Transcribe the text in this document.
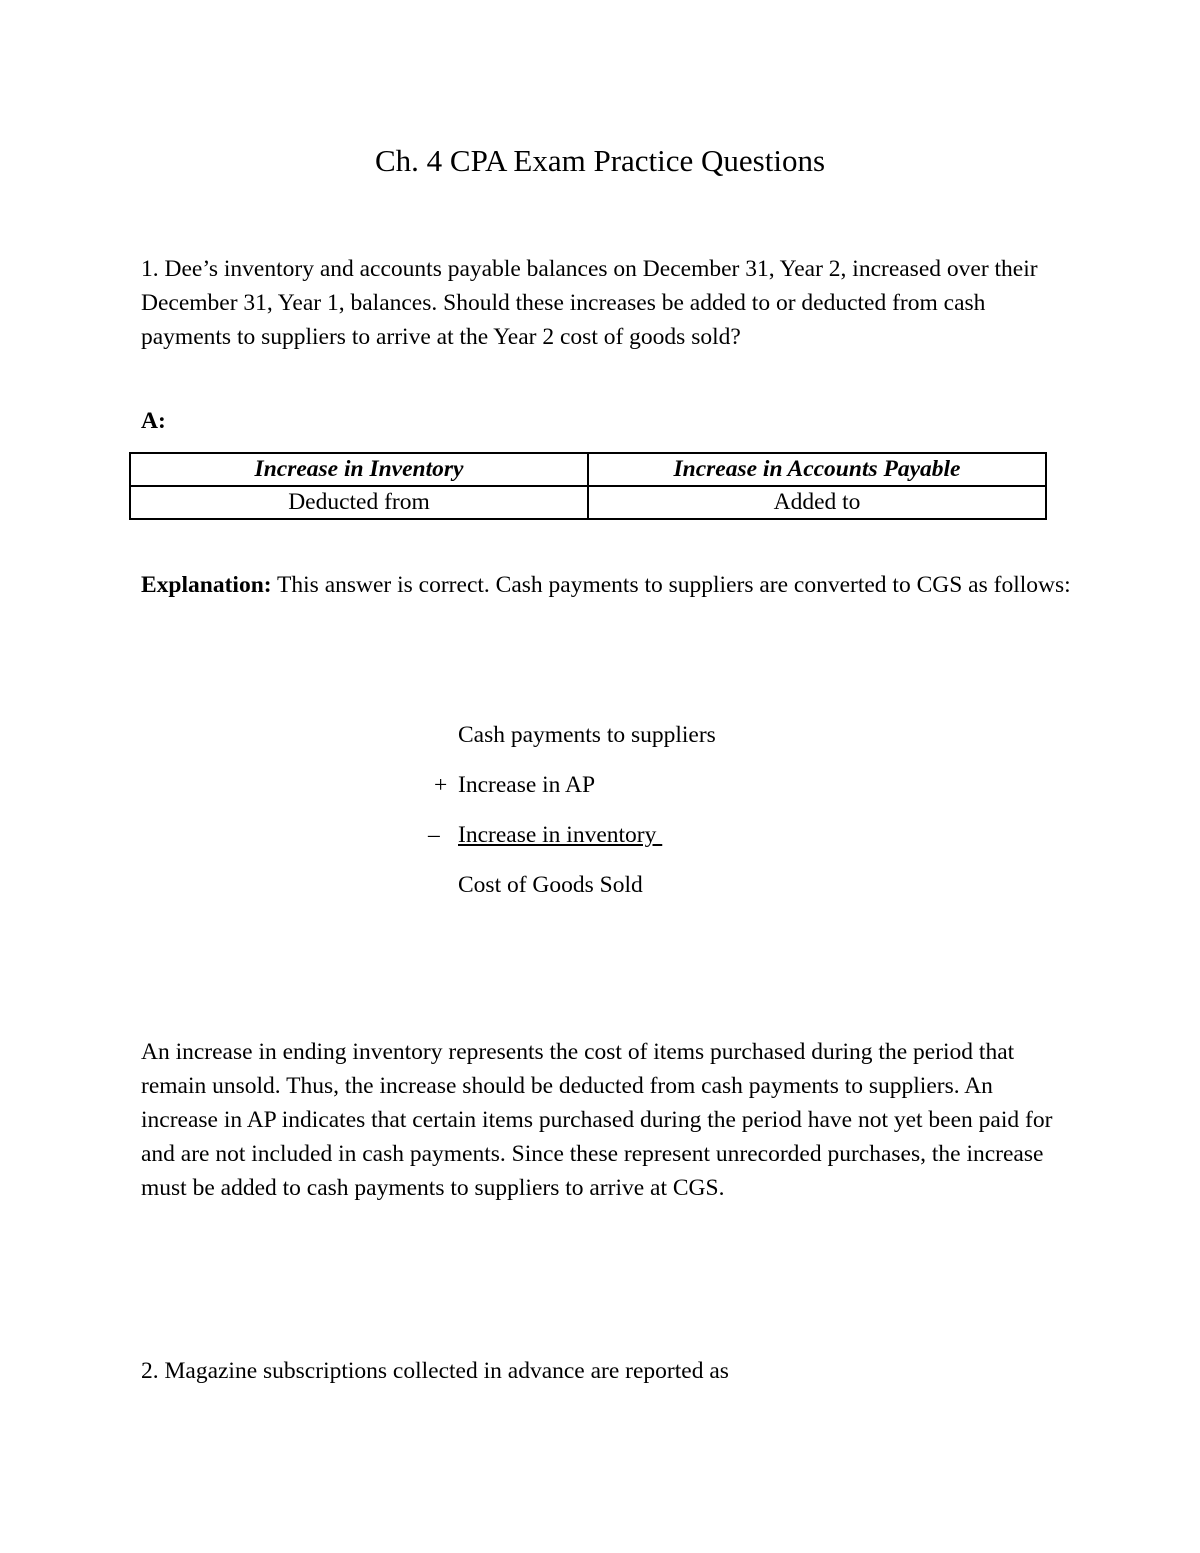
Ch. 4 CPA Exam Practice Questions

1. Dee’s inventory and accounts payable balances on December 31, Year 2, increased over their December 31, Year 1, balances. Should these increases be added to or deducted from cash payments to suppliers to arrive at the Year 2 cost of goods sold?

A:

Increase in Inventory	Increase in Accounts Payable
Deducted from	Added to

Explanation: This answer is correct. Cash payments to suppliers are converted to CGS as follows:

Cash payments to suppliers
+ Increase in AP
– Increase in inventory
Cost of Goods Sold

An increase in ending inventory represents the cost of items purchased during the period that remain unsold. Thus, the increase should be deducted from cash payments to suppliers. An increase in AP indicates that certain items purchased during the period have not yet been paid for and are not included in cash payments. Since these represent unrecorded purchases, the increase must be added to cash payments to suppliers to arrive at CGS.

2. Magazine subscriptions collected in advance are reported as
